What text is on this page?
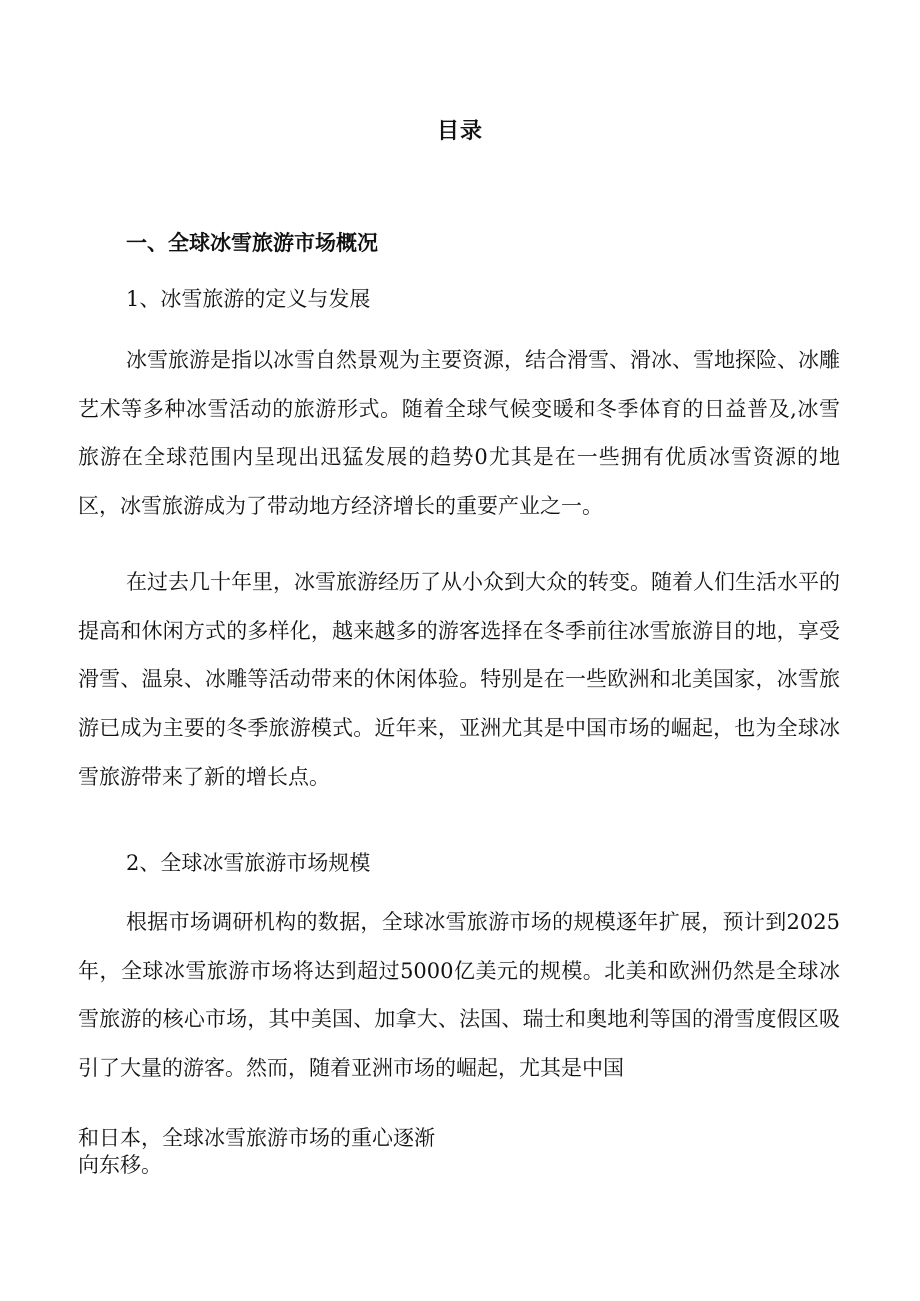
目录
一、全球冰雪旅游市场概况
1、冰雪旅游的定义与发展

冰雪旅游是指以冰雪自然景观为主要资源，结合滑雪、滑冰、雪地探险、冰雕艺术等多种冰雪活动的旅游形式。随着全球气候变暖和冬季体育的日益普及,冰雪旅游在全球范围内呈现出迅猛发展的趋势0尤其是在一些拥有优质冰雪资源的地区，冰雪旅游成为了带动地方经济增长的重要产业之一。

在过去几十年里，冰雪旅游经历了从小众到大众的转变。随着人们生活水平的提高和休闲方式的多样化，越来越多的游客选择在冬季前往冰雪旅游目的地，享受滑雪、温泉、冰雕等活动带来的休闲体验。特别是在一些欧洲和北美国家，冰雪旅游已成为主要的冬季旅游模式。近年来，亚洲尤其是中国市场的崛起，也为全球冰雪旅游带来了新的增长点。

2、全球冰雪旅游市场规模

根据市场调研机构的数据，全球冰雪旅游市场的规模逐年扩展，预计到2025年，全球冰雪旅游市场将达到超过5000亿美元的规模。北美和欧洲仍然是全球冰雪旅游的核心市场，其中美国、加拿大、法国、瑞士和奥地利等国的滑雪度假区吸引了大量的游客。然而，随着亚洲市场的崛起，尤其是中国

和日本，全球冰雪旅游市场的重心逐渐
向东移。
